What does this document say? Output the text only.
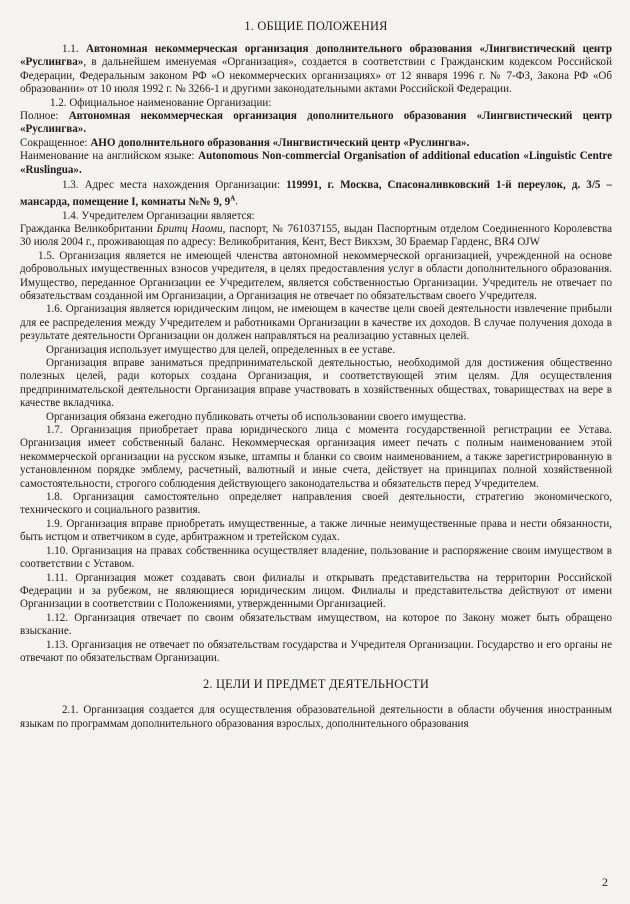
1. ОБЩИЕ ПОЛОЖЕНИЯ

1.1. Автономная некоммерческая организация дополнительного образования «Лингвистический центр «Руслингва», в дальнейшем именуемая «Организация», создается в соответствии с Гражданским кодексом Российской Федерации, Федеральным законом РФ «О некоммерческих организациях» от 12 января 1996 г. № 7-ФЗ, Закона РФ «Об образовании» от 10 июля 1992 г. № 3266-1 и другими законодательными актами Российской Федерации.

1.2. Официальное наименование Организации:

Полное: Автономная некоммерческая организация дополнительного образования «Лингвистический центр «Руслингва».

Сокращенное: АНО дополнительного образования «Лингвистический центр «Руслингва».

Наименование на английском языке: Autonomous Non-commercial Organisation of additional education «Linguistic Centre «Ruslingua».

1.3. Адрес места нахождения Организации: 119991, г. Москва, Спасоналивковский 1-й переулок, д. 3/5 – мансарда, помещение I, комнаты №№ 9, $9^А$.

1.4. Учредителем Организации является:

Гражданка Великобритании Бритц Наоми, паспорт, № 761037155, выдан Паспортным отделом Соединенного Королевства 30 июля 2004 г., проживающая по адресу: Великобритания, Кент, Вест Викхэм, 30 Браемар Гарденс, BR4 OJW

1.5. Организация является не имеющей членства автономной некоммерческой организацией, учрежденной на основе добровольных имущественных взносов учредителя, в целях предоставления услуг в области дополнительного образования. Имущество, переданное Организации ее Учредителем, является собственностью Организации. Учредитель не отвечает по обязательствам созданной им Организации, а Организация не отвечает по обязательствам своего Учредителя.

1.6. Организация является юридическим лицом, не имеющем в качестве цели своей деятельности извлечение прибыли для ее распределения между Учредителем и работниками Организации в качестве их доходов. В случае получения дохода в результате деятельности Организации он должен направляться на реализацию уставных целей.

Организация использует имущество для целей, определенных в ее уставе.

Организация вправе заниматься предпринимательской деятельностью, необходимой для достижения общественно полезных целей, ради которых создана Организация, и соответствующей этим целям. Для осуществления предпринимательской деятельности Организация вправе участвовать в хозяйственных обществах, товариществах на вере в качестве вкладчика.

Организация обязана ежегодно публиковать отчеты об использовании своего имущества.

1.7. Организация приобретает права юридического лица с момента государственной регистрации ее Устава. Организация имеет собственный баланс. Некоммерческая организация имеет печать с полным наименованием этой некоммерческой организации на русском языке, штампы и бланки со своим наименованием, а также зарегистрированную в установленном порядке эмблему, расчетный, валютный и иные счета, действует на принципах полной хозяйственной самостоятельности, строгого соблюдения действующего законодательства и обязательств перед Учредителем.

1.8. Организация самостоятельно определяет направления своей деятельности, стратегию экономического, технического и социального развития.

1.9. Организация вправе приобретать имущественные, а также личные неимущественные права и нести обязанности, быть истцом и ответчиком в суде, арбитражном и третейском судах.

1.10. Организация на правах собственника осуществляет владение, пользование и распоряжение своим имуществом в соответствии с Уставом.

1.11. Организация может создавать свои филиалы и открывать представительства на территории Российской Федерации и за рубежом, не являющиеся юридическим лицом. Филиалы и представительства действуют от имени Организации в соответствии с Положениями, утвержденными Организацией.

1.12. Организация отвечает по своим обязательствам имуществом, на которое по Закону может быть обращено взыскание.

1.13. Организация не отвечает по обязательствам государства и Учредителя Организации. Государство и его органы не отвечают по обязательствам Организации.

2. ЦЕЛИ И ПРЕДМЕТ ДЕЯТЕЛЬНОСТИ

2.1. Организация создается для осуществления образовательной деятельности в области обучения иностранным языкам по программам дополнительного образования взрослых, дополнительного образования

2
